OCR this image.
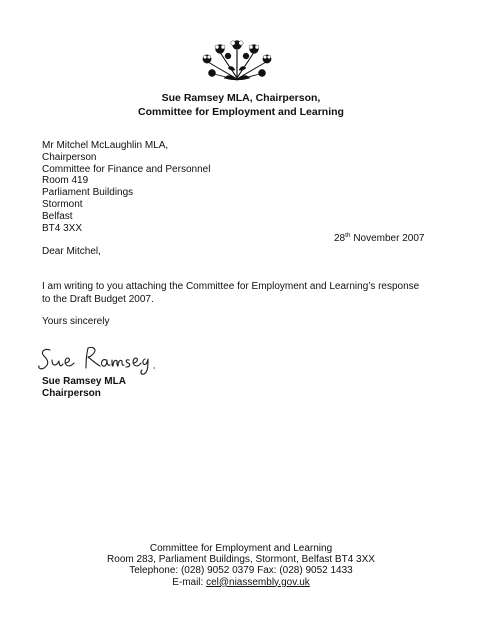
Sue Ramsey MLA, Chairperson,
Committee for Employment and Learning
Mr Mitchel McLaughlin MLA,
Chairperson
Committee for Finance and Personnel
Room 419
Parliament Buildings
Stormont
Belfast
BT4 3XX
28th November 2007
Dear Mitchel,
I am writing to you attaching the Committee for Employment and Learning’s response
to the Draft Budget 2007.
Yours sincerely
Sue Ramsey MLA
Chairperson
Committee for Employment and Learning
Room 283, Parliament Buildings, Stormont, Belfast BT4 3XX
Telephone: (028) 9052 0379 Fax: (028) 9052 1433
E-mail: cel@niassembly.gov.uk
